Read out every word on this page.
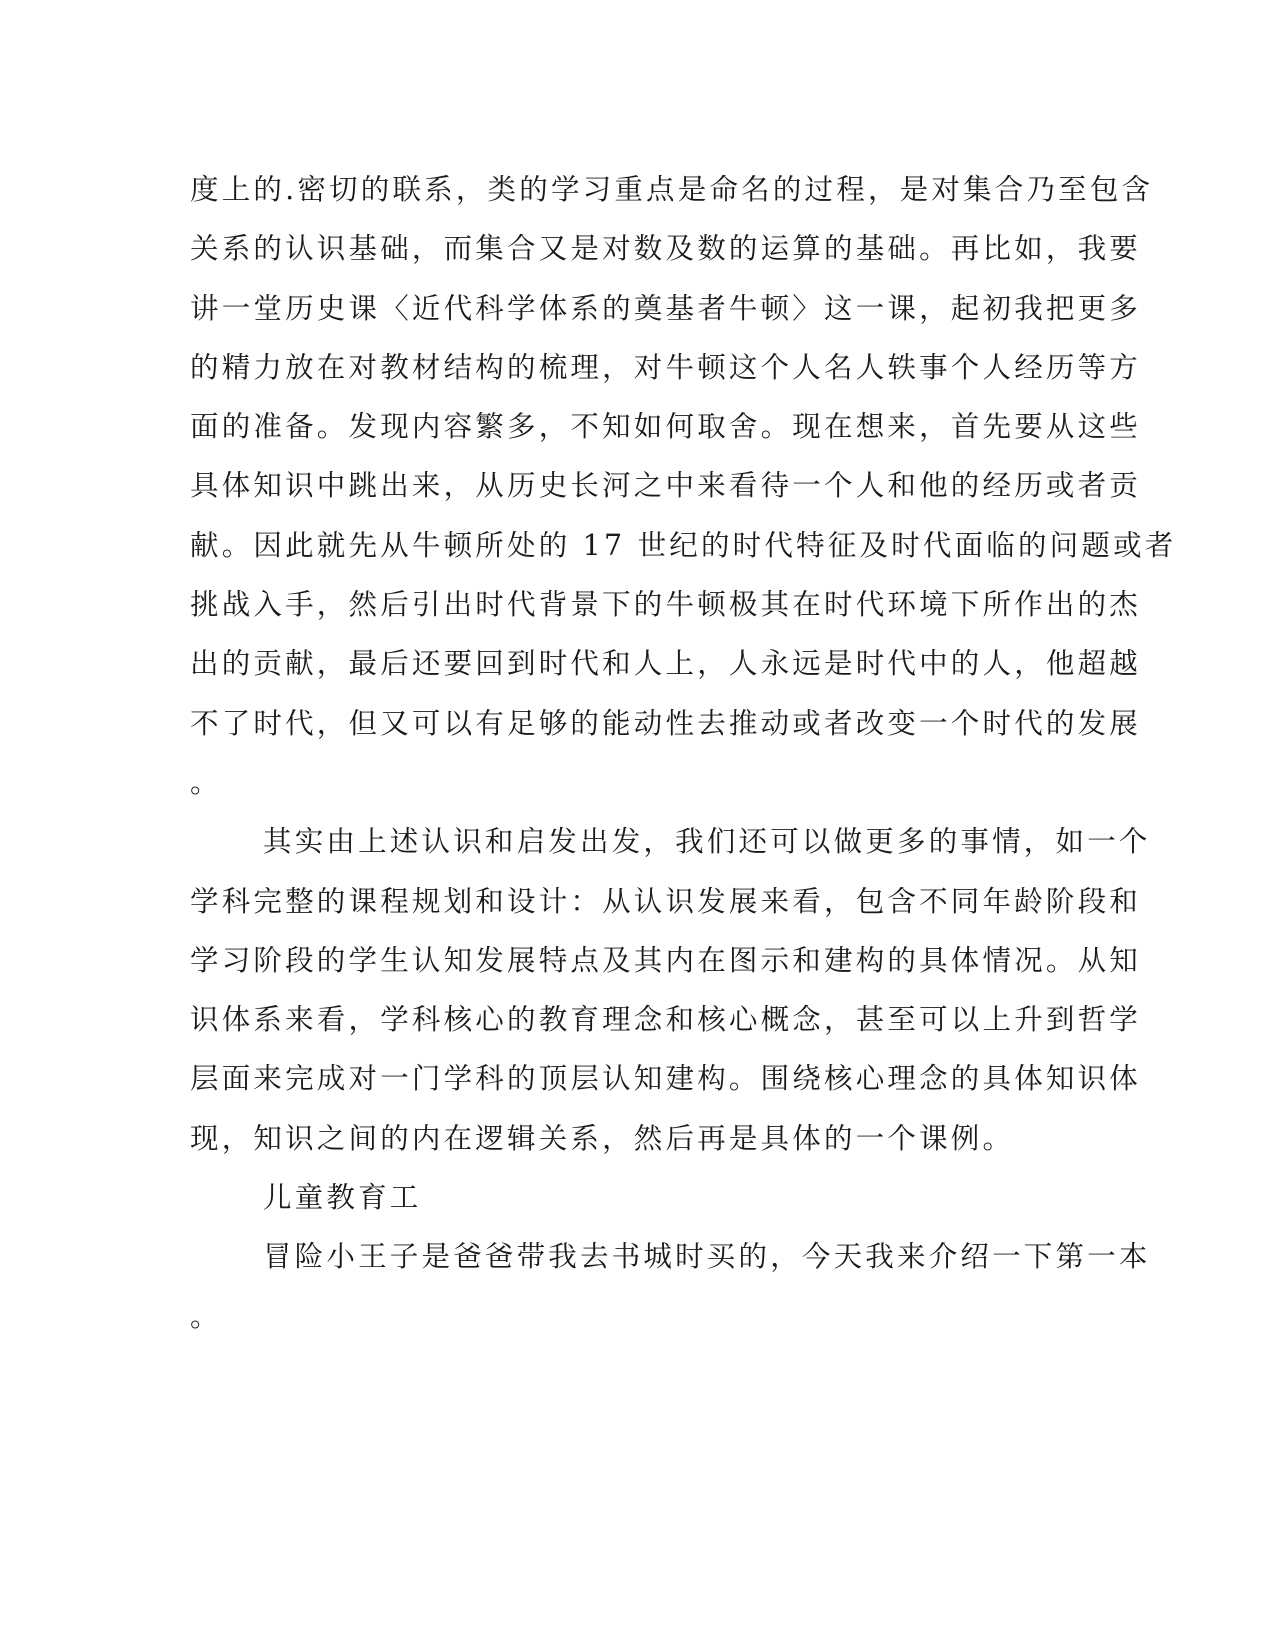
度上的.密切的联系，类的学习重点是命名的过程，是对集合乃至包含
关系的认识基础，而集合又是对数及数的运算的基础。再比如，我要
讲一堂历史课〈近代科学体系的奠基者牛顿〉这一课，起初我把更多
的精力放在对教材结构的梳理，对牛顿这个人名人轶事个人经历等方
面的准备。发现内容繁多，不知如何取舍。现在想来，首先要从这些
具体知识中跳出来，从历史长河之中来看待一个人和他的经历或者贡
献。因此就先从牛顿所处的 17 世纪的时代特征及时代面临的问题或者
挑战入手，然后引出时代背景下的牛顿极其在时代环境下所作出的杰
出的贡献，最后还要回到时代和人上，人永远是时代中的人，他超越
不了时代，但又可以有足够的能动性去推动或者改变一个时代的发展
。
其实由上述认识和启发出发，我们还可以做更多的事情，如一个
学科完整的课程规划和设计：从认识发展来看，包含不同年龄阶段和
学习阶段的学生认知发展特点及其内在图示和建构的具体情况。从知
识体系来看，学科核心的教育理念和核心概念，甚至可以上升到哲学
层面来完成对一门学科的顶层认知建构。围绕核心理念的具体知识体
现，知识之间的内在逻辑关系，然后再是具体的一个课例。
儿童教育工
冒险小王子是爸爸带我去书城时买的，今天我来介绍一下第一本
。
